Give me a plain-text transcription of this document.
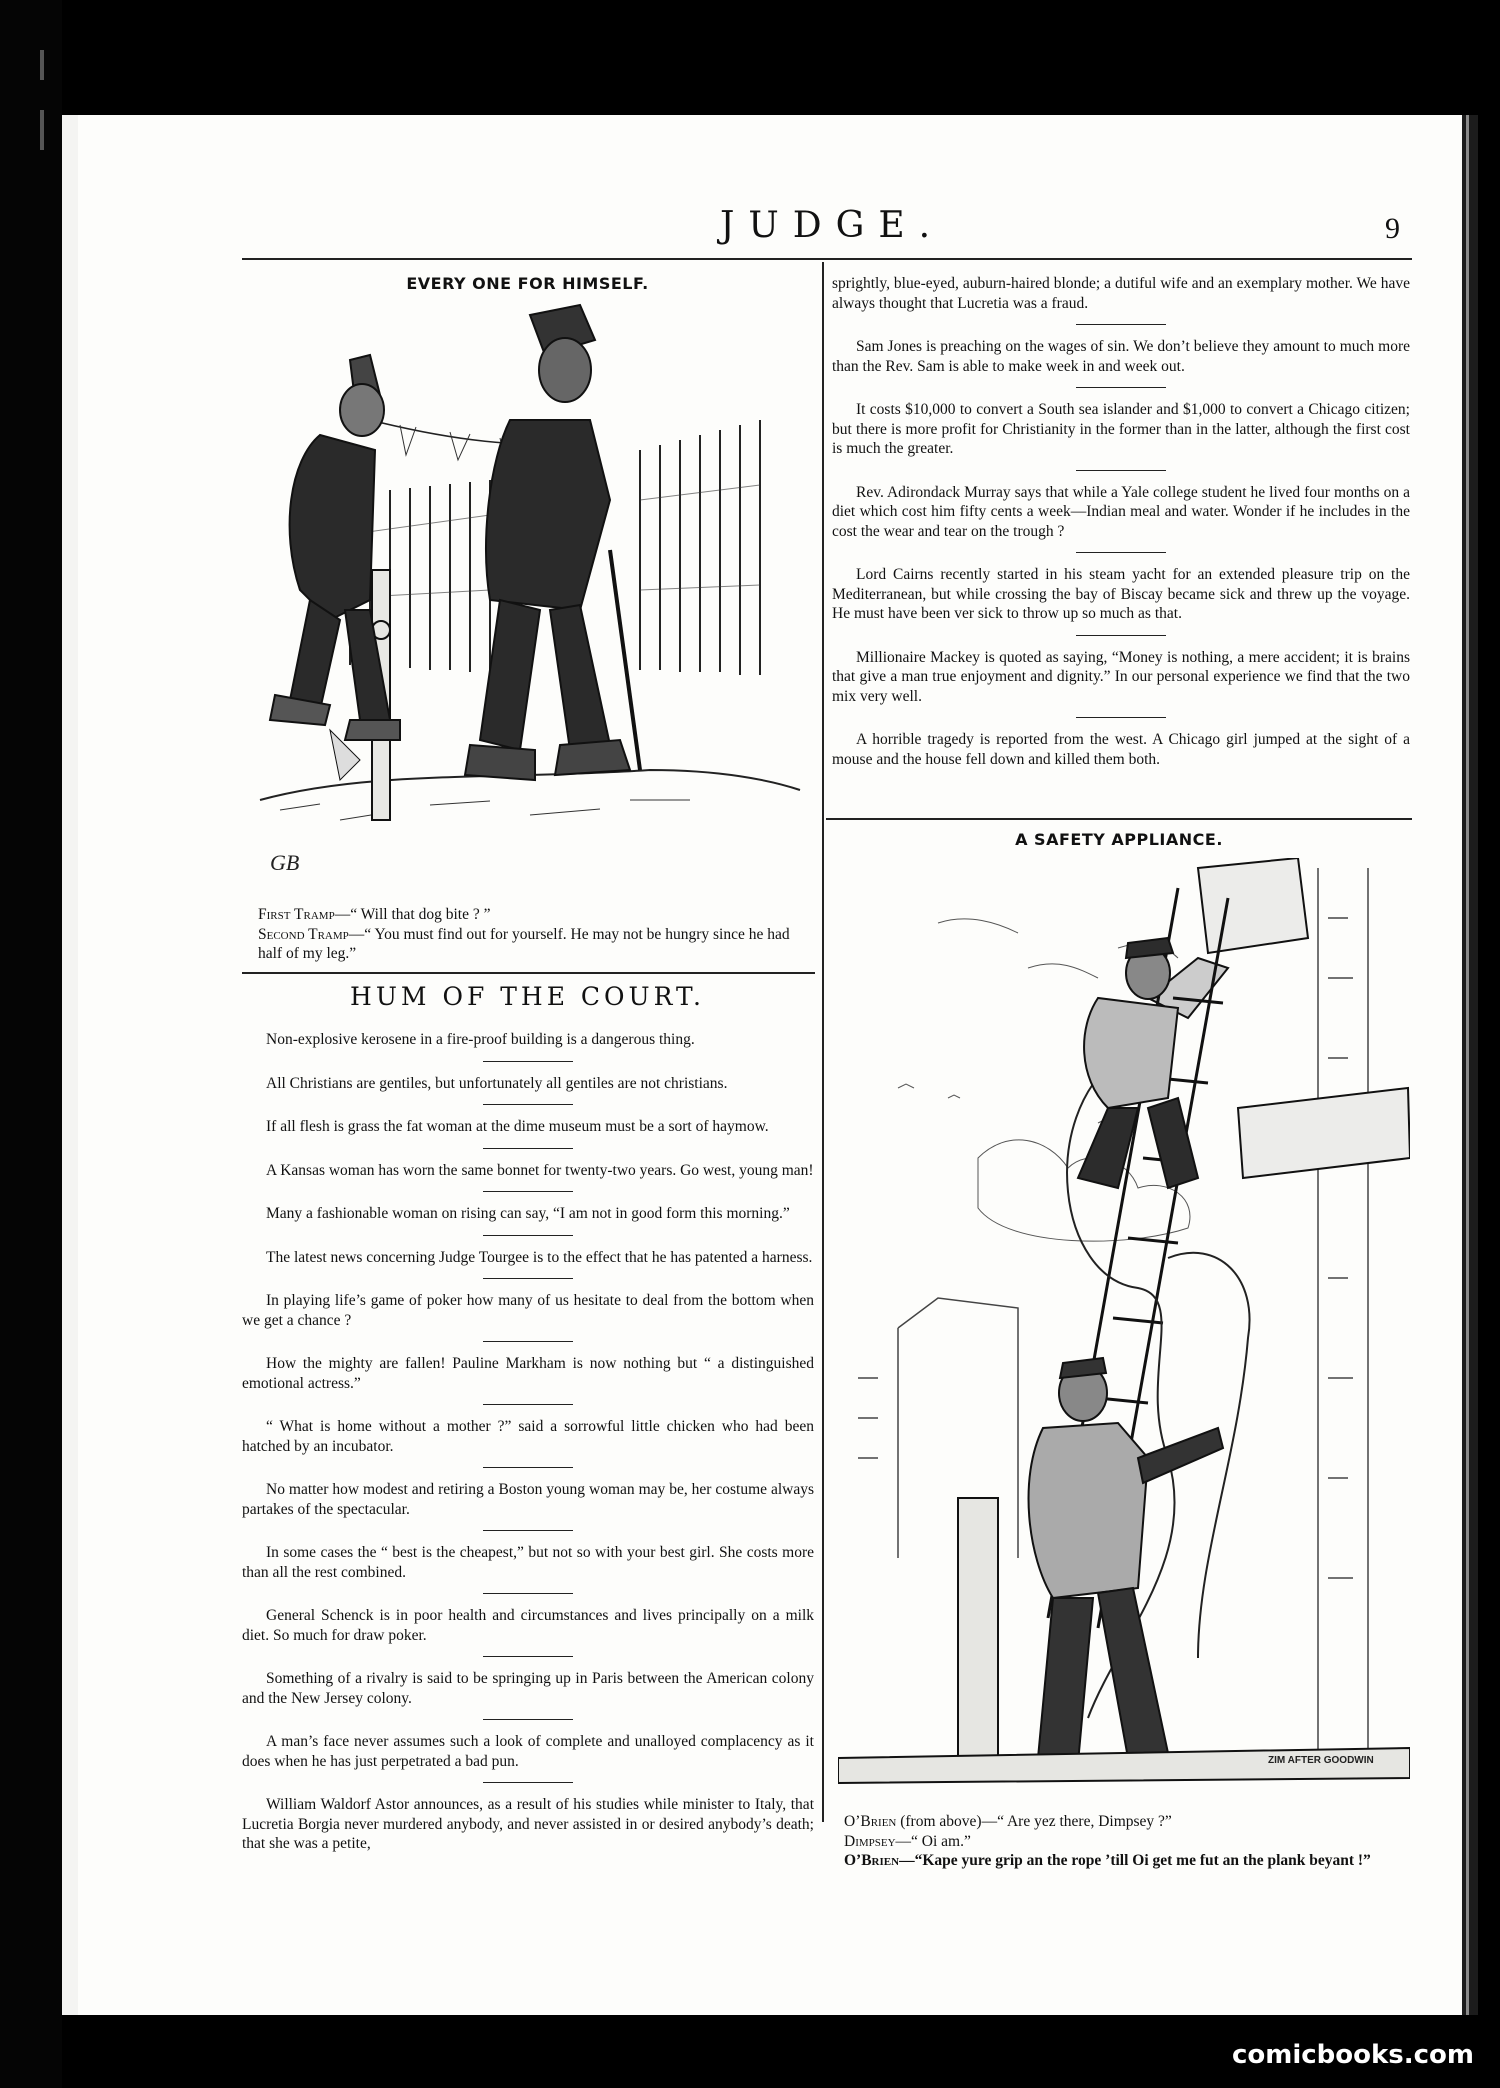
JUDGE.	9
EVERY ONE FOR HIMSELF.
GB

First Tramp—“ Will that dog bite ? ”

Second Tramp—“ You must find out for yourself. He may not be hungry since he had half of my leg.”

HUM OF THE COURT.

Non-explosive kerosene in a fire-proof building is a dangerous thing.

All Christians are gentiles, but unfortunately all gentiles are not christians.

If all flesh is grass the fat woman at the dime museum must be a sort of haymow.

A Kansas woman has worn the same bonnet for twenty-two years. Go west, young man!

Many a fashionable woman on rising can say, “I am not in good form this morning.”

The latest news concerning Judge Tourgee is to the effect that he has patented a harness.

In playing life’s game of poker how many of us hesitate to deal from the bottom when we get a chance ?

How the mighty are fallen! Pauline Markham is now nothing but “ a distinguished emotional actress.”

“ What is home without a mother ?” said a sorrowful little chicken who had been hatched by an incubator.

No matter how modest and retiring a Boston young woman may be, her costume always partakes of the spectacular.

In some cases the “ best is the cheapest,” but not so with your best girl. She costs more than all the rest combined.

General Schenck is in poor health and circumstances and lives principally on a milk diet. So much for draw poker.

Something of a rivalry is said to be springing up in Paris between the American colony and the New Jersey colony.

A man’s face never assumes such a look of complete and unalloyed complacency as it does when he has just perpetrated a bad pun.

William Waldorf Astor announces, as a result of his studies while minister to Italy, that Lucretia Borgia never murdered anybody, and never assisted in or desired anybody’s death; that she was a petite,

sprightly, blue-eyed, auburn-haired blonde; a dutiful wife and an exemplary mother. We have always thought that Lucretia was a fraud.

Sam Jones is preaching on the wages of sin. We don’t believe they amount to much more than the Rev. Sam is able to make week in and week out.

It costs $10,000 to convert a South sea islander and $1,000 to convert a Chicago citizen; but there is more profit for Christianity in the former than in the latter, although the first cost is much the greater.

Rev. Adirondack Murray says that while a Yale college student he lived four months on a diet which cost him fifty cents a week—Indian meal and water. Wonder if he includes in the cost the wear and tear on the trough ?

Lord Cairns recently started in his steam yacht for an extended pleasure trip on the Mediterranean, but while crossing the bay of Biscay became sick and threw up the voyage. He must have been ver sick to throw up so much as that.

Millionaire Mackey is quoted as saying, “Money is nothing, a mere accident; it is brains that give a man true enjoyment and dignity.” In our personal experience we find that the two mix very well.

A horrible tragedy is reported from the west. A Chicago girl jumped at the sight of a mouse and the house fell down and killed them both.

A SAFETY APPLIANCE.
ZIM AFTER GOODWIN

O’Brien (from above)—“ Are yez there, Dimpsey ?”

Dimpsey—“ Oi am.”

O’Brien—“Kape yure grip an the rope ’till Oi get me fut an the plank beyant !”

comicbooks.com
